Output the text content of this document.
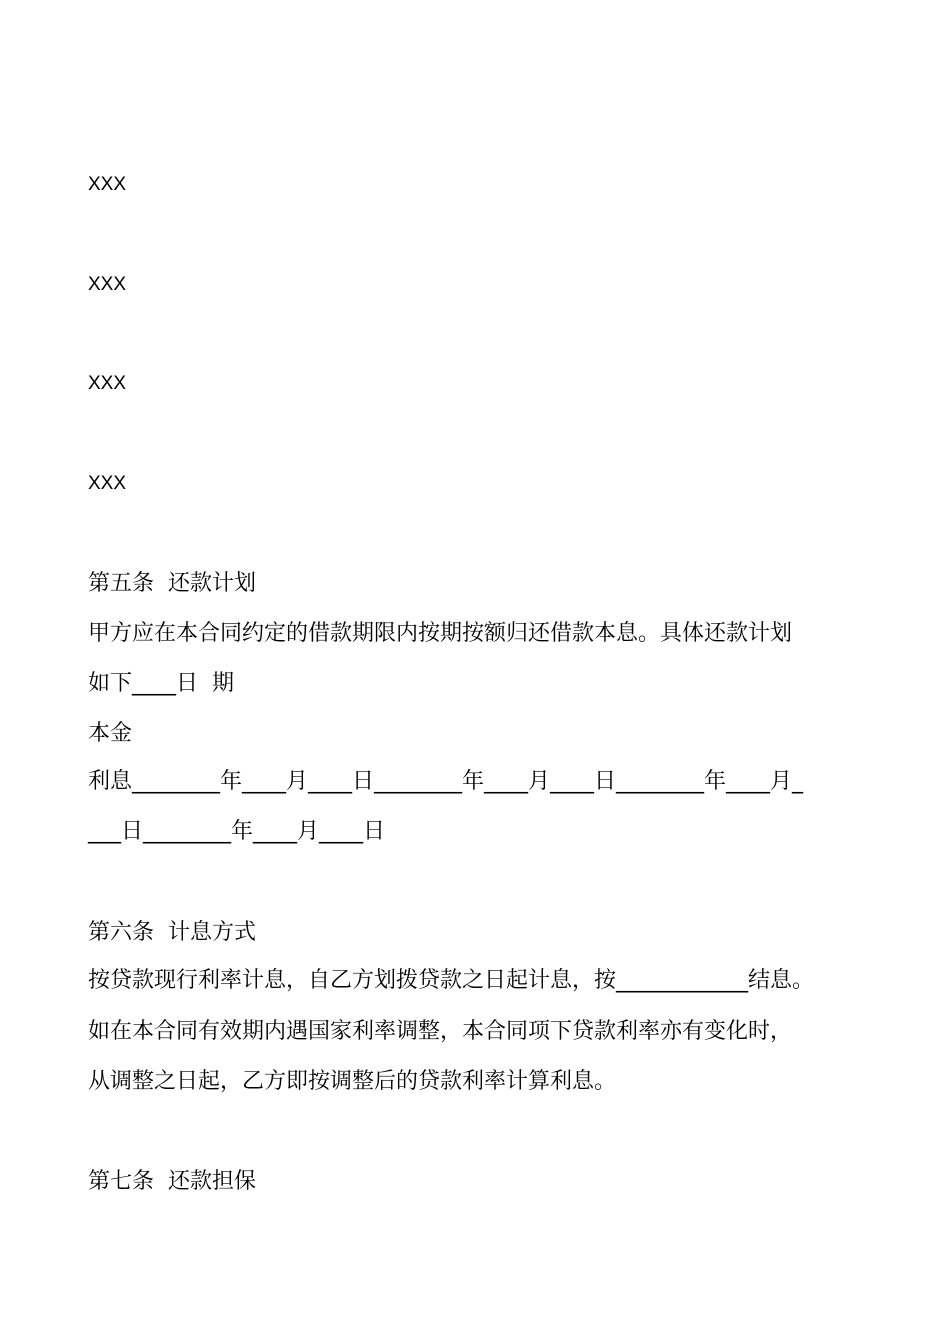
XXX

XXX

XXX

XXX

第五条  还款计划

甲方应在本合同约定的借款期限内按期按额归还借款本息。具体还款计划

如下____日  期

本金

利息________年____月____日________年____月____日________年____月_

___日________年____月____日

第六条  计息方式

按贷款现行利率计息，自乙方划拨贷款之日起计息，按____________结息。

如在本合同有效期内遇国家利率调整，本合同项下贷款利率亦有变化时，

从调整之日起，乙方即按调整后的贷款利率计算利息。

第七条  还款担保
